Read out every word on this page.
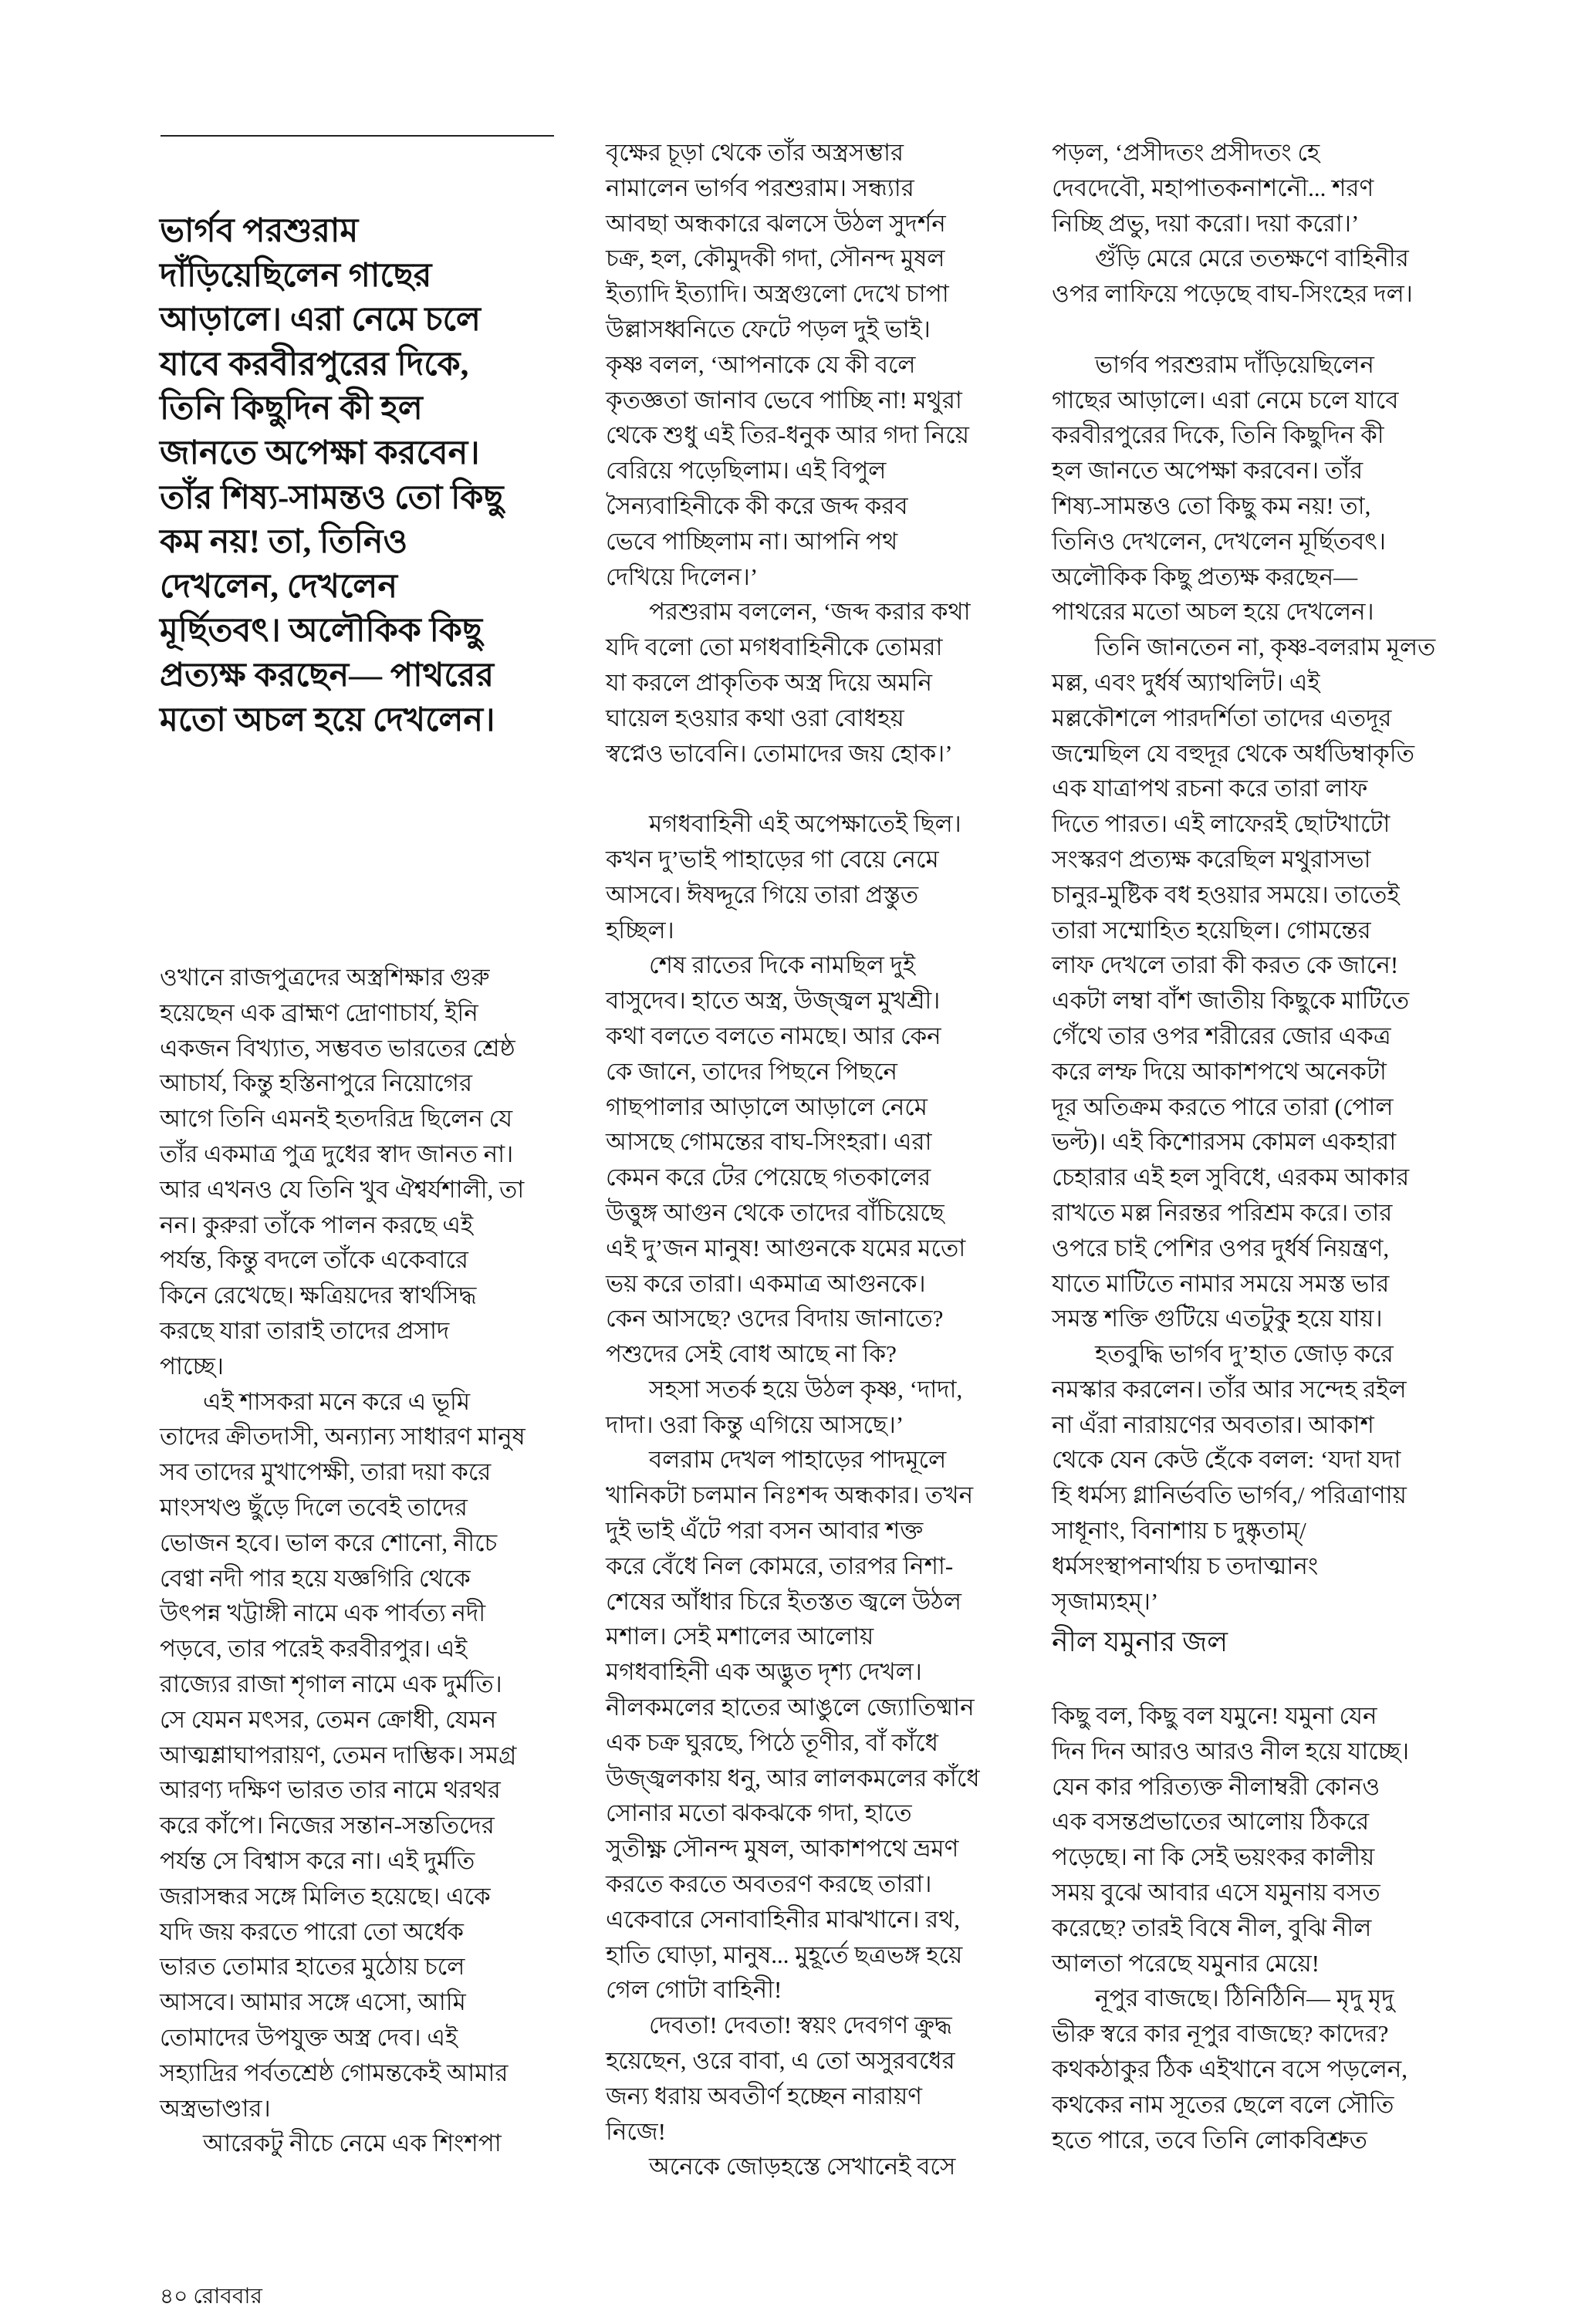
ভার্গব পরশুরাম
দাঁড়িয়েছিলেন গাছের
আড়ালে। এরা নেমে চলে
যাবে করবীরপুরের দিকে,
তিনি কিছুদিন কী হল
জানতে অপেক্ষা করবেন।
তাঁর শিষ্য-সামন্তও তো কিছু
কম নয়! তা, তিনিও
দেখলেন, দেখলেন
মূর্ছিতবৎ। অলৌকিক কিছু
প্রত্যক্ষ করছেন— পাথরের
মতো অচল হয়ে দেখলেন।
ওখানে রাজপুত্রদের অস্ত্রশিক্ষার গুরু
হয়েছেন এক ব্রাহ্মণ দ্রোণাচার্য, ইনি
একজন বিখ্যাত, সম্ভবত ভারতের শ্রেষ্ঠ
আচার্য, কিন্তু হস্তিনাপুরে নিয়োগের
আগে তিনি এমনই হতদরিদ্র ছিলেন যে
তাঁর একমাত্র পুত্র দুধের স্বাদ জানত না।
আর এখনও যে তিনি খুব ঐশ্বর্যশালী, তা
নন। কুরুরা তাঁকে পালন করছে এই
পর্যন্ত, কিন্তু বদলে তাঁকে একেবারে
কিনে রেখেছে। ক্ষত্রিয়দের স্বার্থসিদ্ধ
করছে যারা তারাই তাদের প্রসাদ
পাচ্ছে।
এই শাসকরা মনে করে এ ভূমি
তাদের ক্রীতদাসী, অন্যান্য সাধারণ মানুষ
সব তাদের মুখাপেক্ষী, তারা দয়া করে
মাংসখণ্ড ছুঁড়ে দিলে তবেই তাদের
ভোজন হবে। ভাল করে শোনো, নীচে
বেণ্বা নদী পার হয়ে যজ্ঞগিরি থেকে
উৎপন্ন খট্টাঙ্গী নামে এক পার্বত্য নদী
পড়বে, তার পরেই করবীরপুর। এই
রাজ্যের রাজা শৃগাল নামে এক দুর্মতি।
সে যেমন মৎসর, তেমন ক্রোধী, যেমন
আত্মশ্লাঘাপরায়ণ, তেমন দাম্ভিক। সমগ্র
আরণ্য দক্ষিণ ভারত তার নামে থরথর
করে কাঁপে। নিজের সন্তান-সন্ততিদের
পর্যন্ত সে বিশ্বাস করে না। এই দুর্মতি
জরাসন্ধর সঙ্গে মিলিত হয়েছে। একে
যদি জয় করতে পারো তো অর্ধেক
ভারত তোমার হাতের মুঠোয় চলে
আসবে। আমার সঙ্গে এসো, আমি
তোমাদের উপযুক্ত অস্ত্র দেব। এই
সহ্যাদ্রির পর্বতশ্রেষ্ঠ গোমন্তকেই আমার
অস্ত্রভাণ্ডার।
আরেকটু নীচে নেমে এক শিংশপা
বৃক্ষের চূড়া থেকে তাঁর অস্ত্রসম্ভার
নামালেন ভার্গব পরশুরাম। সন্ধ্যার
আবছা অন্ধকারে ঝলসে উঠল সুদর্শন
চক্র, হল, কৌমুদকী গদা, সৌনন্দ মুষল
ইত্যাদি ইত্যাদি। অস্ত্রগুলো দেখে চাপা
উল্লাসধ্বনিতে ফেটে পড়ল দুই ভাই।
কৃষ্ণ বলল, ‘আপনাকে যে কী বলে
কৃতজ্ঞতা জানাব ভেবে পাচ্ছি না! মথুরা
থেকে শুধু এই তির-ধনুক আর গদা নিয়ে
বেরিয়ে পড়েছিলাম। এই বিপুল
সৈন্যবাহিনীকে কী করে জব্দ করব
ভেবে পাচ্ছিলাম না। আপনি পথ
দেখিয়ে দিলেন।’
পরশুরাম বললেন, ‘জব্দ করার কথা
যদি বলো তো মগধবাহিনীকে তোমরা
যা করলে প্রাকৃতিক অস্ত্র দিয়ে অমনি
ঘায়েল হওয়ার কথা ওরা বোধহয়
স্বপ্নেও ভাবেনি। তোমাদের জয় হোক।’
মগধবাহিনী এই অপেক্ষাতেই ছিল।
কখন দু’ভাই পাহাড়ের গা বেয়ে নেমে
আসবে। ঈষদ্দূরে গিয়ে তারা প্রস্তুত
হচ্ছিল।
শেষ রাতের দিকে নামছিল দুই
বাসুদেব। হাতে অস্ত্র, উজ্জ্বল মুখশ্রী।
কথা বলতে বলতে নামছে। আর কেন
কে জানে, তাদের পিছনে পিছনে
গাছপালার আড়ালে আড়ালে নেমে
আসছে গোমন্তের বাঘ-সিংহরা। এরা
কেমন করে টের পেয়েছে গতকালের
উত্তুঙ্গ আগুন থেকে তাদের বাঁচিয়েছে
এই দু’জন মানুষ! আগুনকে যমের মতো
ভয় করে তারা। একমাত্র আগুনকে।
কেন আসছে? ওদের বিদায় জানাতে?
পশুদের সেই বোধ আছে না কি?
সহসা সতর্ক হয়ে উঠল কৃষ্ণ, ‘দাদা,
দাদা। ওরা কিন্তু এগিয়ে আসছে।’
বলরাম দেখল পাহাড়ের পাদমূলে
খানিকটা চলমান নিঃশব্দ অন্ধকার। তখন
দুই ভাই এঁটে পরা বসন আবার শক্ত
করে বেঁধে নিল কোমরে, তারপর নিশা-
শেষের আঁধার চিরে ইতস্তত জ্বলে উঠল
মশাল। সেই মশালের আলোয়
মগধবাহিনী এক অদ্ভুত দৃশ্য দেখল।
নীলকমলের হাতের আঙুলে জ্যোতিষ্মান
এক চক্র ঘুরছে, পিঠে তূণীর, বাঁ কাঁধে
উজ্জ্বলকায় ধনু, আর লালকমলের কাঁধে
সোনার মতো ঝকঝকে গদা, হাতে
সুতীক্ষ্ণ সৌনন্দ মুষল, আকাশপথে ভ্রমণ
করতে করতে অবতরণ করছে তারা।
একেবারে সেনাবাহিনীর মাঝখানে। রথ,
হাতি ঘোড়া, মানুষ... মুহূর্তে ছত্রভঙ্গ হয়ে
গেল গোটা বাহিনী!
দেবতা! দেবতা! স্বয়ং দেবগণ ক্রুদ্ধ
হয়েছেন, ওরে বাবা, এ তো অসুরবধের
জন্য ধরায় অবতীর্ণ হচ্ছেন নারায়ণ
নিজে!
অনেকে জোড়হস্তে সেখানেই বসে
পড়ল, ‘প্রসীদতং প্রসীদতং হে
দেবদেবৌ, মহাপাতকনাশনৌ... শরণ
নিচ্ছি প্রভু, দয়া করো। দয়া করো।’
গুঁড়ি মেরে মেরে ততক্ষণে বাহিনীর
ওপর লাফিয়ে পড়েছে বাঘ-সিংহের দল।
ভার্গব পরশুরাম দাঁড়িয়েছিলেন
গাছের আড়ালে। এরা নেমে চলে যাবে
করবীরপুরের দিকে, তিনি কিছুদিন কী
হল জানতে অপেক্ষা করবেন। তাঁর
শিষ্য-সামন্তও তো কিছু কম নয়! তা,
তিনিও দেখলেন, দেখলেন মূর্ছিতবৎ।
অলৌকিক কিছু প্রত্যক্ষ করছেন—
পাথরের মতো অচল হয়ে দেখলেন।
তিনি জানতেন না, কৃষ্ণ-বলরাম মূলত
মল্ল, এবং দুর্ধর্ষ অ্যাথলিট। এই
মল্লকৌশলে পারদর্শিতা তাদের এতদূর
জন্মেছিল যে বহুদূর থেকে অর্ধডিম্বাকৃতি
এক যাত্রাপথ রচনা করে তারা লাফ
দিতে পারত। এই লাফেরই ছোটখাটো
সংস্করণ প্রত্যক্ষ করেছিল মথুরাসভা
চানুর-মুষ্টিক বধ হওয়ার সময়ে। তাতেই
তারা সম্মোহিত হয়েছিল। গোমন্তের
লাফ দেখলে তারা কী করত কে জানে!
একটা লম্বা বাঁশ জাতীয় কিছুকে মাটিতে
গেঁথে তার ওপর শরীরের জোর একত্র
করে লম্ফ দিয়ে আকাশপথে অনেকটা
দূর অতিক্রম করতে পারে তারা (পোল
ভল্ট)। এই কিশোরসম কোমল একহারা
চেহারার এই হল সুবিধে, এরকম আকার
রাখতে মল্ল নিরন্তর পরিশ্রম করে। তার
ওপরে চাই পেশির ওপর দুর্ধর্ষ নিয়ন্ত্রণ,
যাতে মাটিতে নামার সময়ে সমস্ত ভার
সমস্ত শক্তি গুটিয়ে এতটুকু হয়ে যায়।
হতবুদ্ধি ভার্গব দু’হাত জোড় করে
নমস্কার করলেন। তাঁর আর সন্দেহ রইল
না এঁরা নারায়ণের অবতার। আকাশ
থেকে যেন কেউ হেঁকে বলল: ‘যদা যদা
হি ধর্মস্য গ্লানির্ভবতি ভার্গব,/ পরিত্রাণায়
সাধূনাং, বিনাশায় চ দুষ্কৃতাম্/
ধর্মসংস্থাপনার্থায় চ তদাত্মানং
সৃজাম্যহম্।’
নীল যমুনার জল
কিছু বল, কিছু বল যমুনে! যমুনা যেন
দিন দিন আরও আরও নীল হয়ে যাচ্ছে।
যেন কার পরিত্যক্ত নীলাম্বরী কোনও
এক বসন্তপ্রভাতের আলোয় ঠিকরে
পড়েছে। না কি সেই ভয়ংকর কালীয়
সময় বুঝে আবার এসে যমুনায় বসত
করেছে? তারই বিষে নীল, বুঝি নীল
আলতা পরেছে যমুনার মেয়ে!
নূপুর বাজছে। ঠিনিঠিনি— মৃদু মৃদু
ভীরু স্বরে কার নূপুর বাজছে? কাদের?
কথকঠাকুর ঠিক এইখানে বসে পড়লেন,
কথকের নাম সূতের ছেলে বলে সৌতি
হতে পারে, তবে তিনি লোকবিশ্রুত
৪০ রোববার
